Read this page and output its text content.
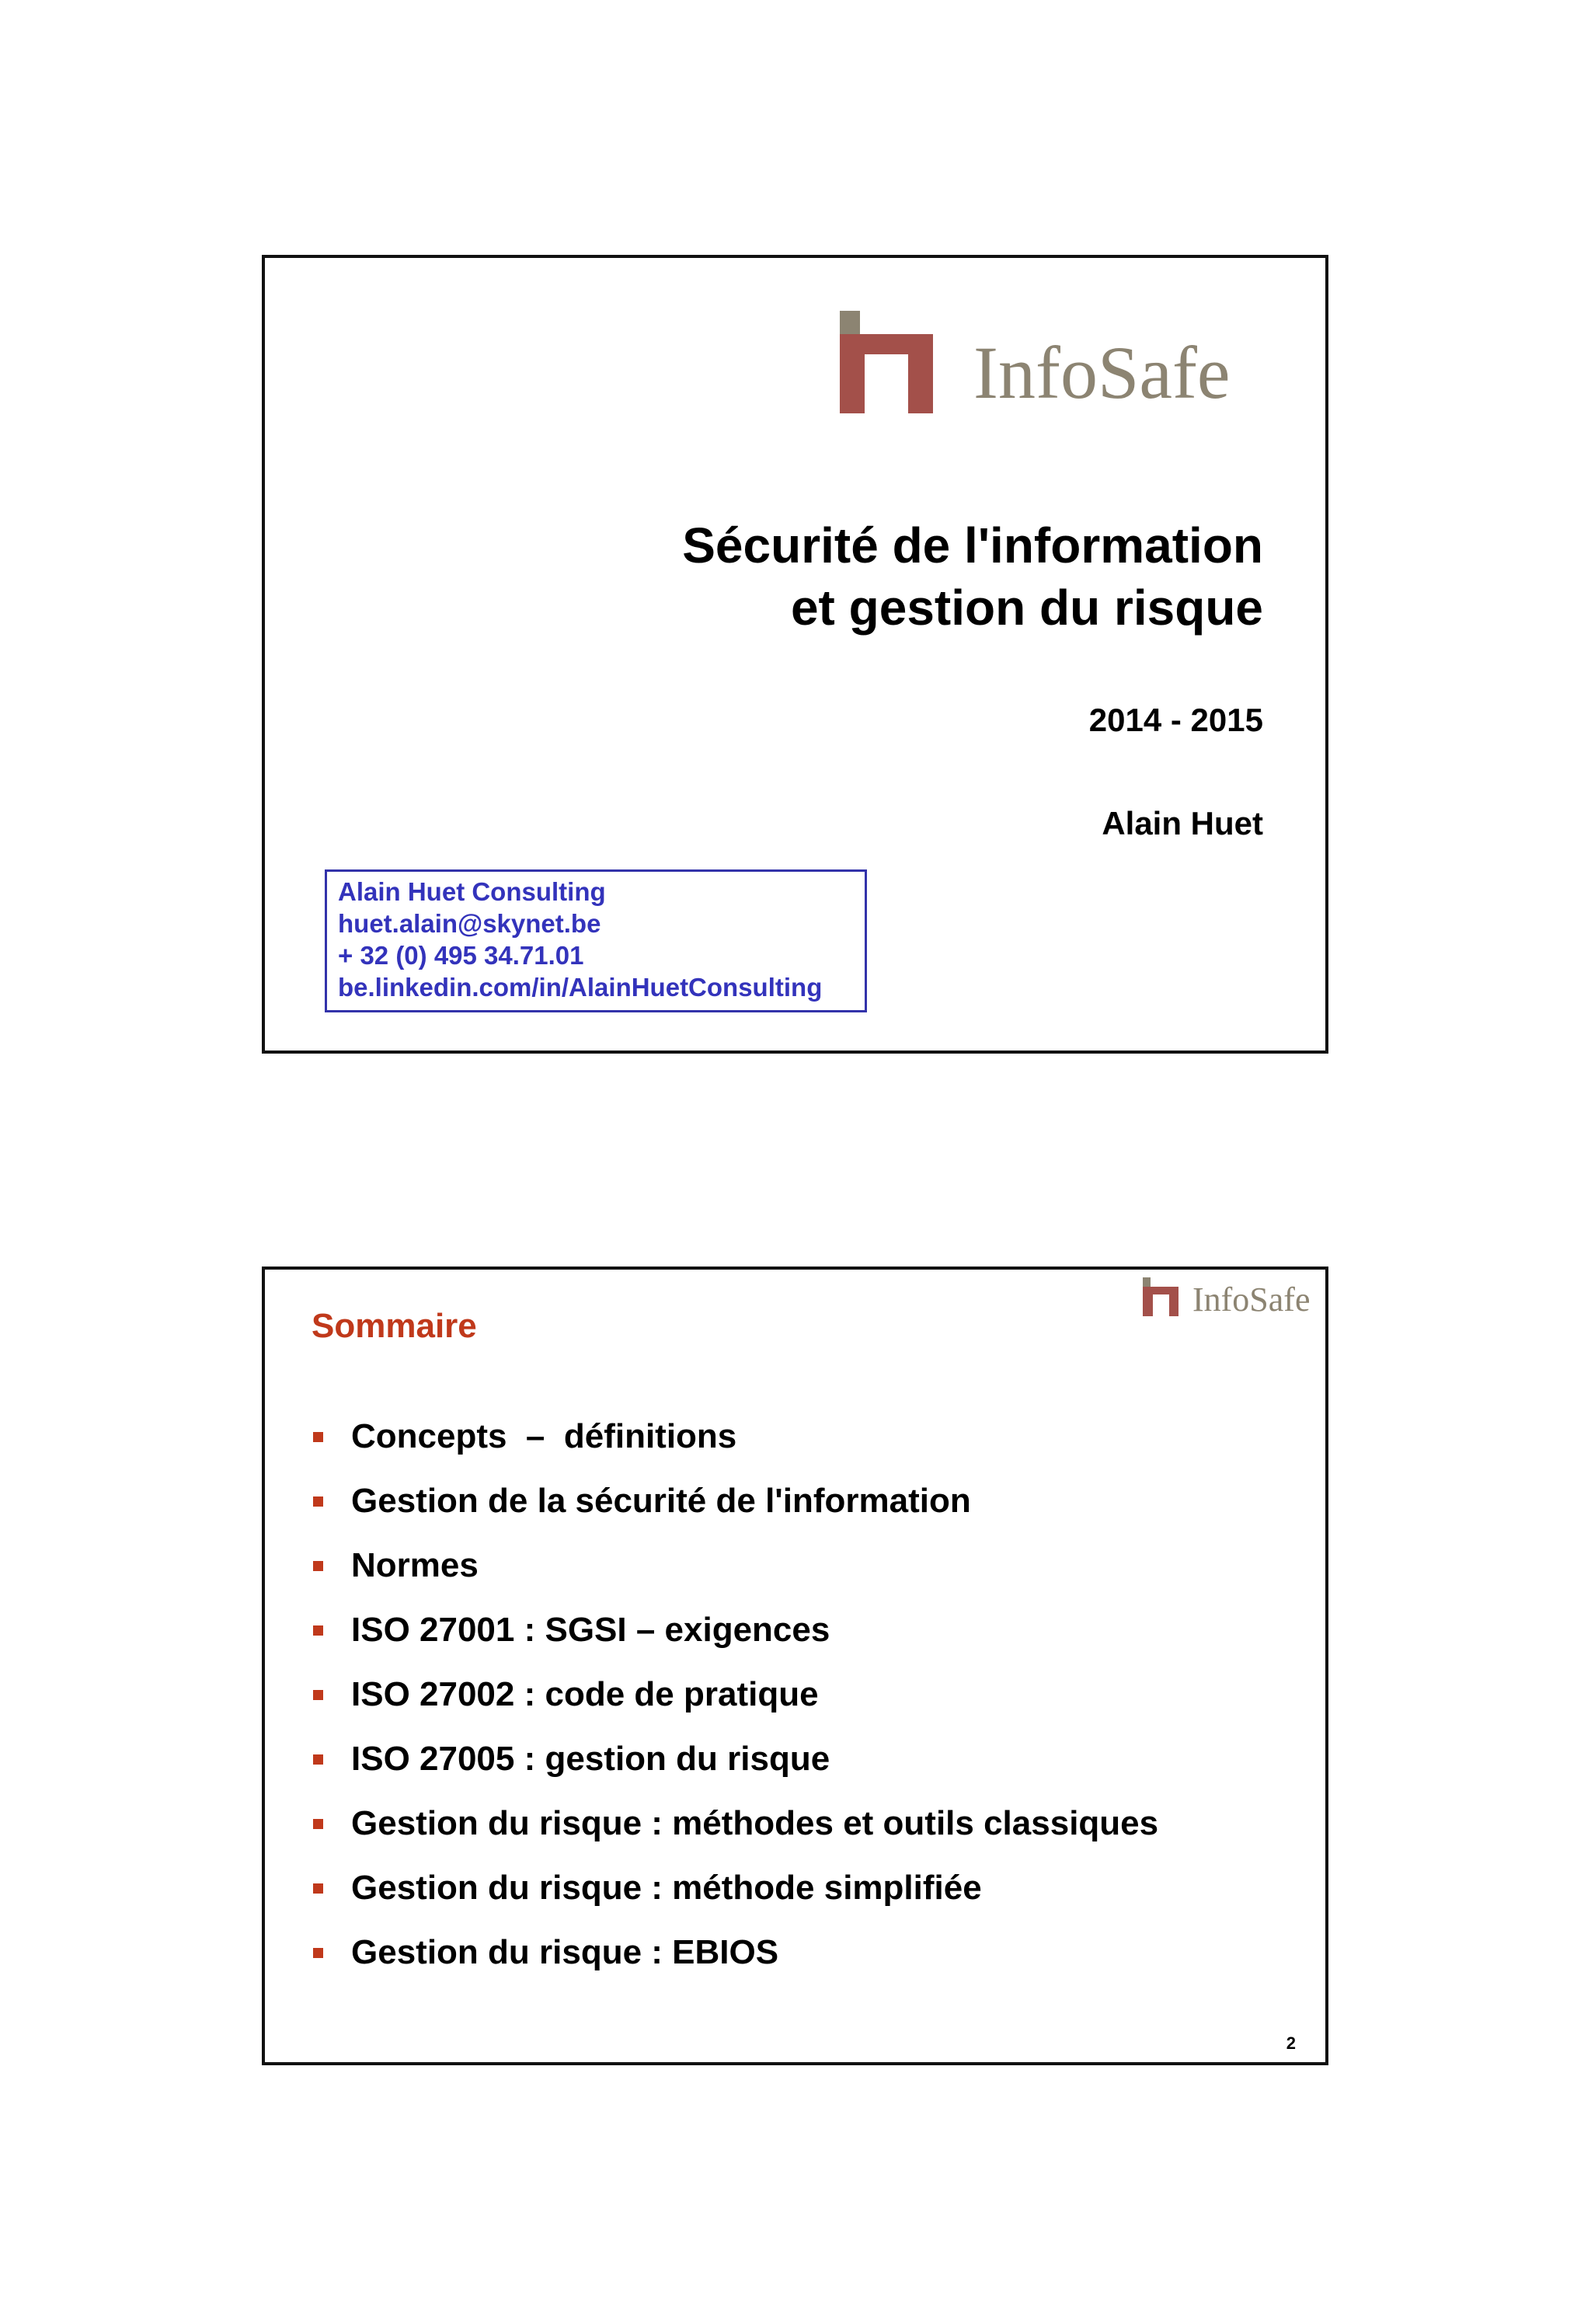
InfoSafe
Sécurité de l'information
et gestion du risque
2014 - 2015
Alain Huet
Alain Huet Consulting
huet.alain@skynet.be
+ 32 (0) 495 34.71.01
be.linkedin.com/in/AlainHuetConsulting
InfoSafe
Sommaire
Concepts  –  définitions
Gestion de la sécurité de l'information
Normes
ISO 27001 : SGSI – exigences
ISO 27002 : code de pratique
ISO 27005 : gestion du risque
Gestion du risque : méthodes et outils classiques
Gestion du risque : méthode simplifiée
Gestion du risque : EBIOS
2
